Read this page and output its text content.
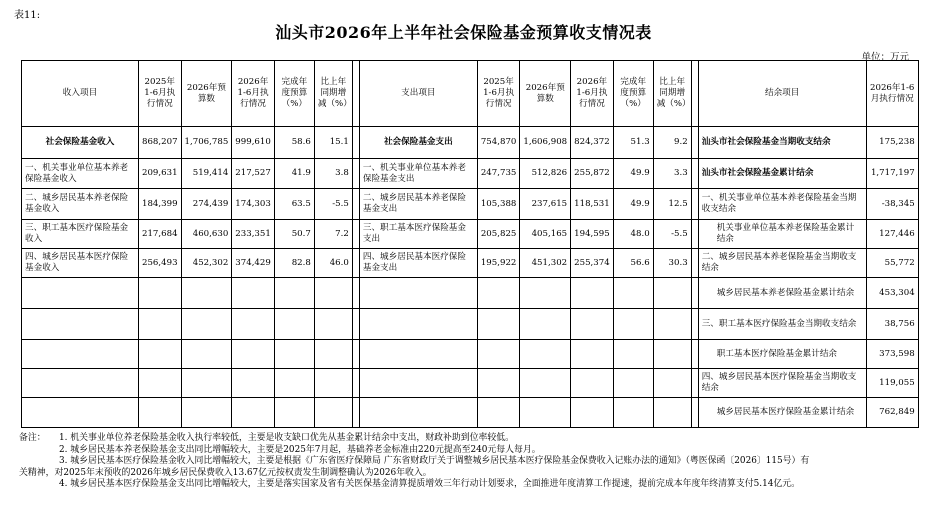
表11:
汕头市2026年上半年社会保险基金预算收支情况表
单位：万元
收入项目	2025年1-6月执行情况	2026年预算数	2026年1-6月执行情况	完成年度预算（%）	比上年同期增减（%）		支出项目	2025年1-6月执行情况	2026年预算数	2026年1-6月执行情况	完成年度预算（%）	比上年同期增减（%）		结余项目	2026年1-6月执行情况
社会保险基金收入	868,207	1,706,785	999,610	58.6	15.1		社会保险基金支出	754,870	1,606,908	824,372	51.3	9.2		汕头市社会保险基金当期收支结余	175,238
一、机关事业单位基本养老保险基金收入	209,631	519,414	217,527	41.9	3.8		一、机关事业单位基本养老保险基金支出	247,735	512,826	255,872	49.9	3.3		汕头市社会保险基金累计结余	1,717,197
二、城乡居民基本养老保险基金收入	184,399	274,439	174,303	63.5	-5.5		二、城乡居民基本养老保险基金支出	105,388	237,615	118,531	49.9	12.5		一、机关事业单位基本养老保险基金当期收支结余	-38,345
三、职工基本医疗保险基金收入	217,684	460,630	233,351	50.7	7.2		三、职工基本医疗保险基金支出	205,825	405,165	194,595	48.0	-5.5		机关事业单位基本养老保险基金累计结余	127,446
四、城乡居民基本医疗保险基金收入	256,493	452,302	374,429	82.8	46.0		四、城乡居民基本医疗保险基金支出	195,922	451,302	255,374	56.6	30.3		二、城乡居民基本养老保险基金当期收支结余	55,772
														城乡居民基本养老保险基金累计结余	453,304
														三、职工基本医疗保险基金当期收支结余	38,756
														职工基本医疗保险基金累计结余	373,598
														四、城乡居民基本医疗保险基金当期收支结余	119,055
														城乡居民基本医疗保险基金累计结余	762,849
备注：	1. 机关事业单位养老保险基金收入执行率较低，主要是收支缺口优先从基金累计结余中支出，财政补助到位率较低。
2. 城乡居民基本养老保险基金支出同比增幅较大，主要是2025年7月起，基础养老金标准由220元提高至240元每人每月。
3. 城乡居民基本医疗保险基金收入同比增幅较大，主要是根据《广东省医疗保障局 广东省财政厅关于调整城乡居民基本医疗保险基金保费收入记账办法的通知》（粤医保函〔2026〕115号）有
关精神，对2025年末预收的2026年城乡居民保费收入13.67亿元按权责发生制调整确认为2026年收入。
4. 城乡居民基本医疗保险基金支出同比增幅较大，主要是落实国家及省有关医保基金清算提质增效三年行动计划要求，全面推进年度清算工作提速，提前完成本年度年终清算支付5.14亿元。
